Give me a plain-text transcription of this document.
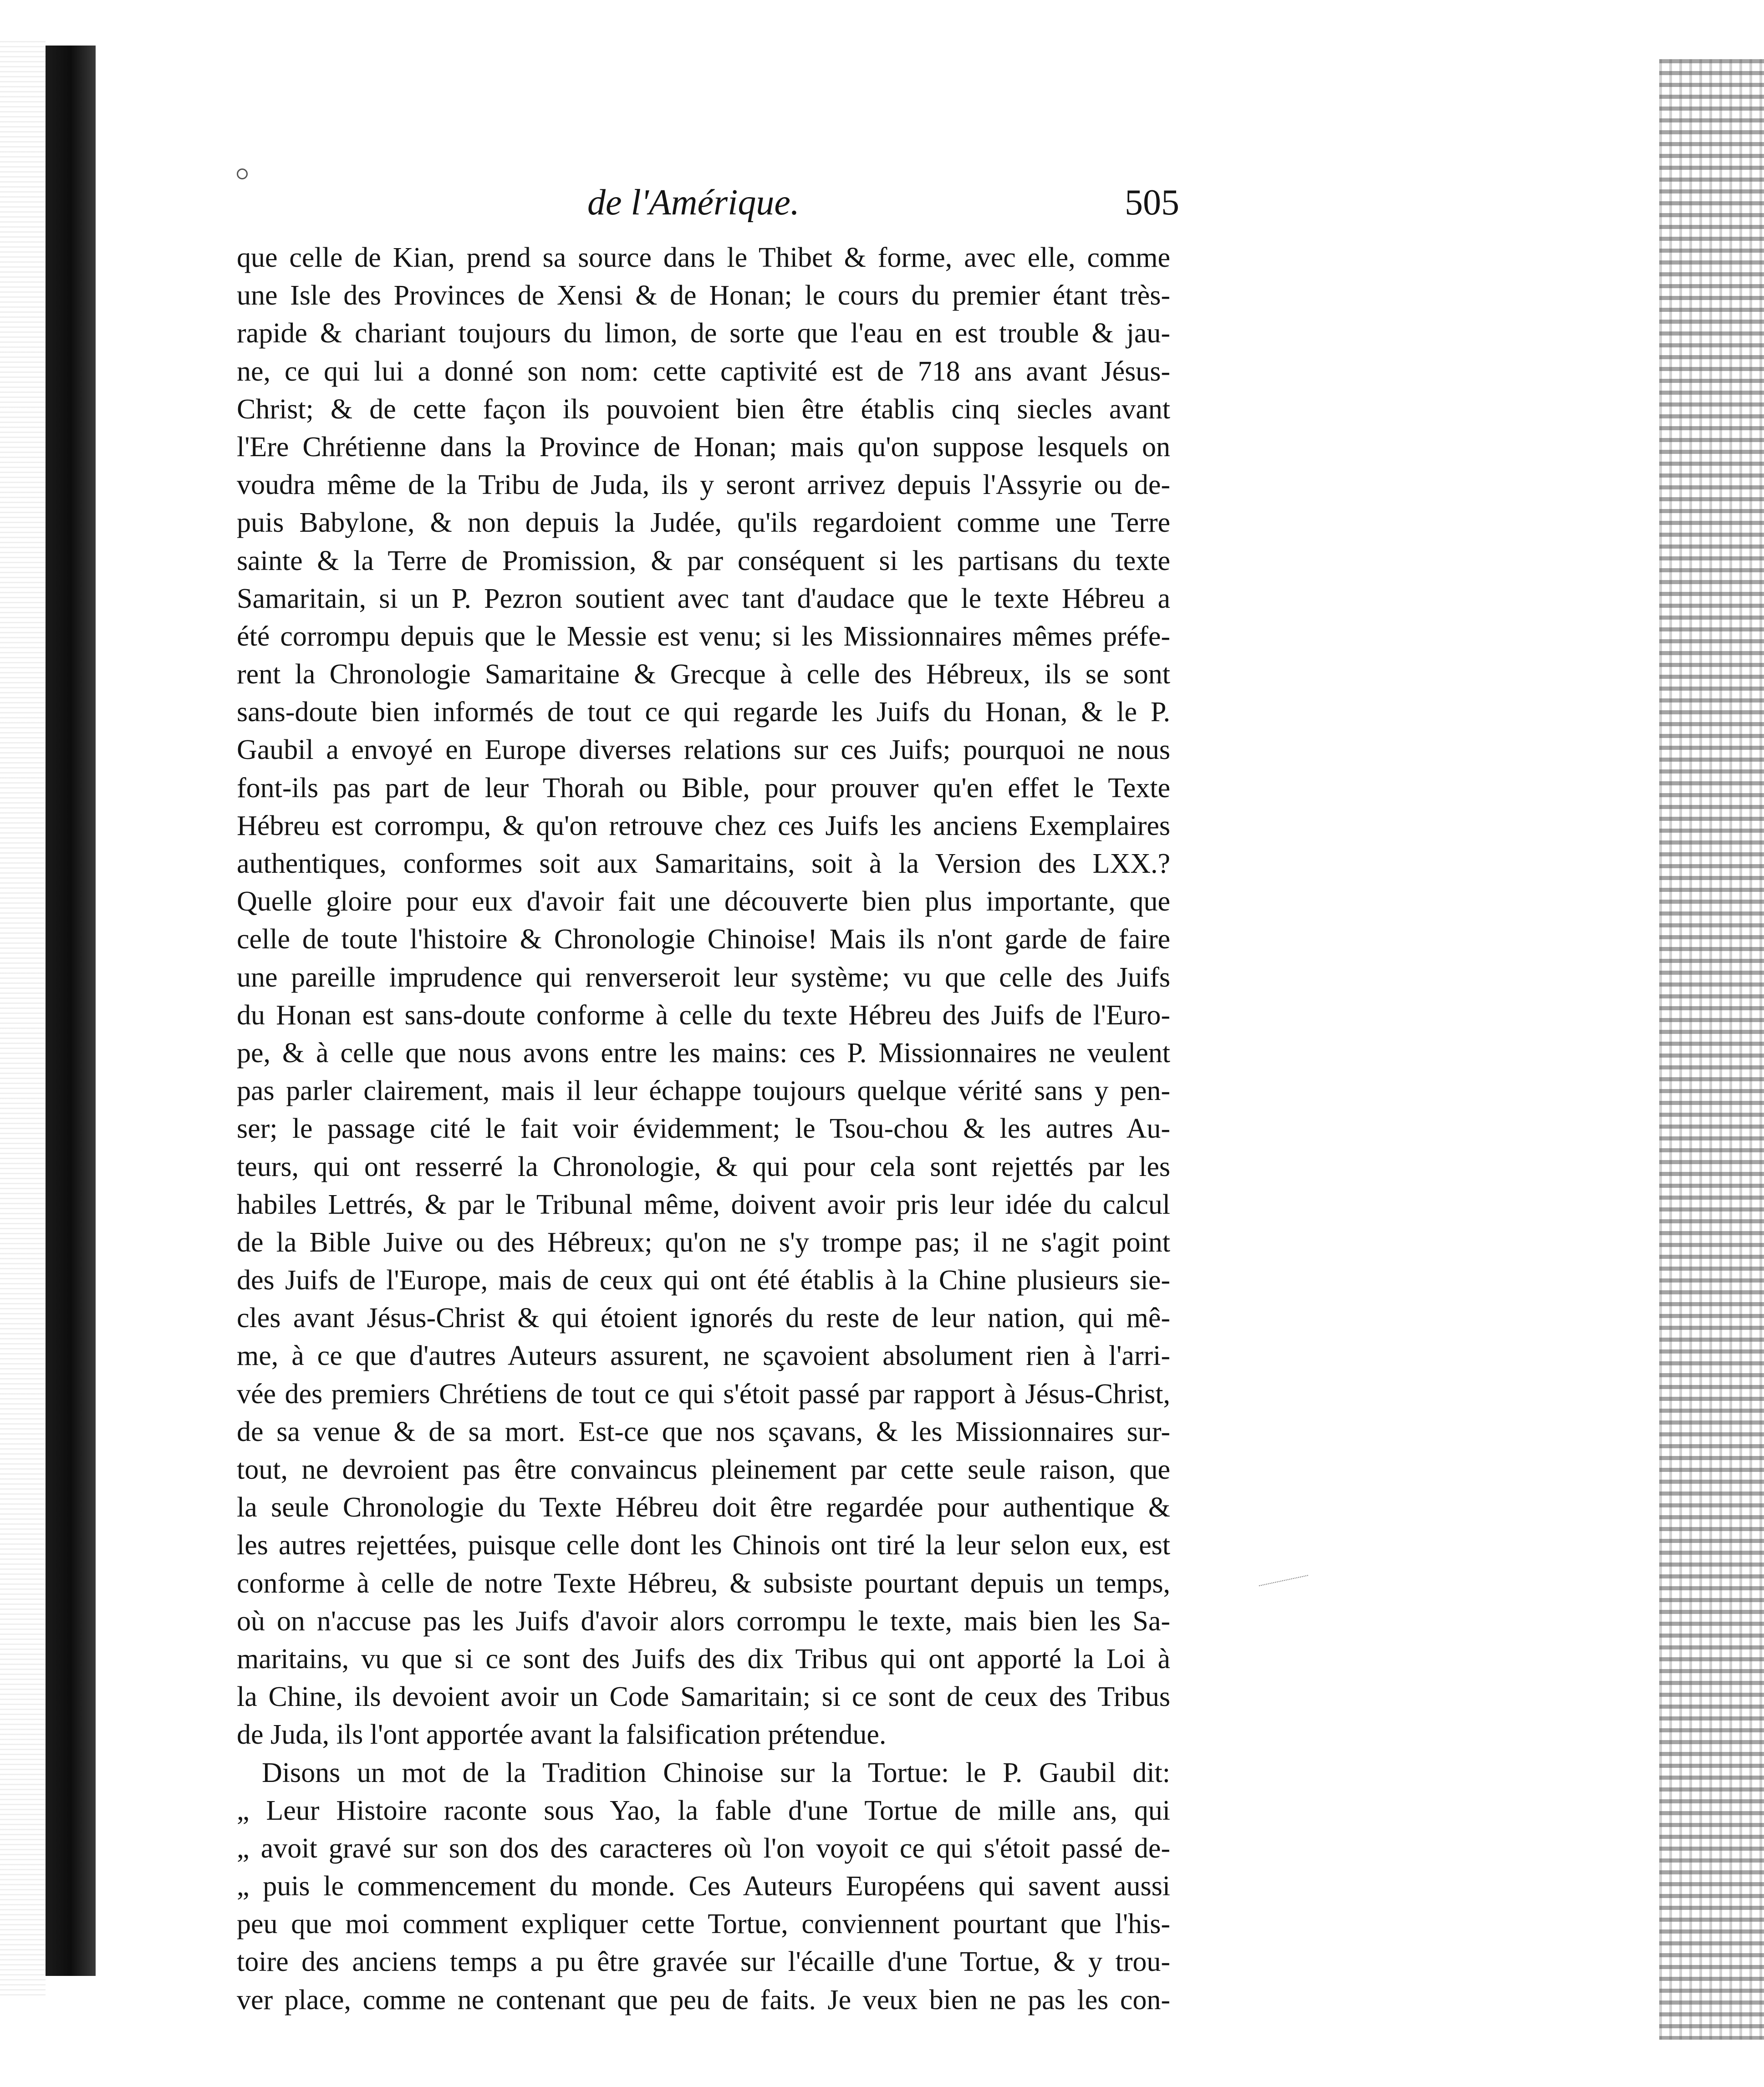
de l'Amérique.	505
que celle de Kian, prend sa source dans le Thibet & forme, avec elle, comme
une Isle des Provinces de Xensi & de Honan; le cours du premier étant très-
rapide & chariant toujours du limon, de sorte que l'eau en est trouble & jau-
ne, ce qui lui a donné son nom: cette captivité est de 718 ans avant Jésus-
Christ; & de cette façon ils pouvoient bien être établis cinq siecles avant
l'Ere Chrétienne dans la Province de Honan; mais qu'on suppose lesquels on
voudra même de la Tribu de Juda, ils y seront arrivez depuis l'Assyrie ou de-
puis Babylone, & non depuis la Judée, qu'ils regardoient comme une Terre
sainte & la Terre de Promission, & par conséquent si les partisans du texte
Samaritain, si un P. Pezron soutient avec tant d'audace que le texte Hébreu a
été corrompu depuis que le Messie est venu; si les Missionnaires mêmes préfe-
rent la Chronologie Samaritaine & Grecque à celle des Hébreux, ils se sont
sans-doute bien informés de tout ce qui regarde les Juifs du Honan, & le P.
Gaubil a envoyé en Europe diverses relations sur ces Juifs; pourquoi ne nous
font-ils pas part de leur Thorah ou Bible, pour prouver qu'en effet le Texte
Hébreu est corrompu, & qu'on retrouve chez ces Juifs les anciens Exemplaires
authentiques, conformes soit aux Samaritains, soit à la Version des LXX.?
Quelle gloire pour eux d'avoir fait une découverte bien plus importante, que
celle de toute l'histoire & Chronologie Chinoise! Mais ils n'ont garde de faire
une pareille imprudence qui renverseroit leur système; vu que celle des Juifs
du Honan est sans-doute conforme à celle du texte Hébreu des Juifs de l'Euro-
pe, & à celle que nous avons entre les mains: ces P. Missionnaires ne veulent
pas parler clairement, mais il leur échappe toujours quelque vérité sans y pen-
ser; le passage cité le fait voir évidemment; le Tsou-chou & les autres Au-
teurs, qui ont resserré la Chronologie, & qui pour cela sont rejettés par les
habiles Lettrés, & par le Tribunal même, doivent avoir pris leur idée du calcul
de la Bible Juive ou des Hébreux; qu'on ne s'y trompe pas; il ne s'agit point
des Juifs de l'Europe, mais de ceux qui ont été établis à la Chine plusieurs sie-
cles avant Jésus-Christ & qui étoient ignorés du reste de leur nation, qui mê-
me, à ce que d'autres Auteurs assurent, ne sçavoient absolument rien à l'arri-
vée des premiers Chrétiens de tout ce qui s'étoit passé par rapport à Jésus-Christ,
de sa venue & de sa mort. Est-ce que nos sçavans, & les Missionnaires sur-
tout, ne devroient pas être convaincus pleinement par cette seule raison, que
la seule Chronologie du Texte Hébreu doit être regardée pour authentique &
les autres rejettées, puisque celle dont les Chinois ont tiré la leur selon eux, est
conforme à celle de notre Texte Hébreu, & subsiste pourtant depuis un temps,
où on n'accuse pas les Juifs d'avoir alors corrompu le texte, mais bien les Sa-
maritains, vu que si ce sont des Juifs des dix Tribus qui ont apporté la Loi à
la Chine, ils devoient avoir un Code Samaritain; si ce sont de ceux des Tribus
de Juda, ils l'ont apportée avant la falsification prétendue.
Disons un mot de la Tradition Chinoise sur la Tortue: le P. Gaubil dit:
„ Leur Histoire raconte sous Yao, la fable d'une Tortue de mille ans, qui
„ avoit gravé sur son dos des caracteres où l'on voyoit ce qui s'étoit passé de-
„ puis le commencement du monde. Ces Auteurs Européens qui savent aussi
peu que moi comment expliquer cette Tortue, conviennent pourtant que l'his-
toire des anciens temps a pu être gravée sur l'écaille d'une Tortue, & y trou-
ver place, comme ne contenant que peu de faits. Je veux bien ne pas les con-
